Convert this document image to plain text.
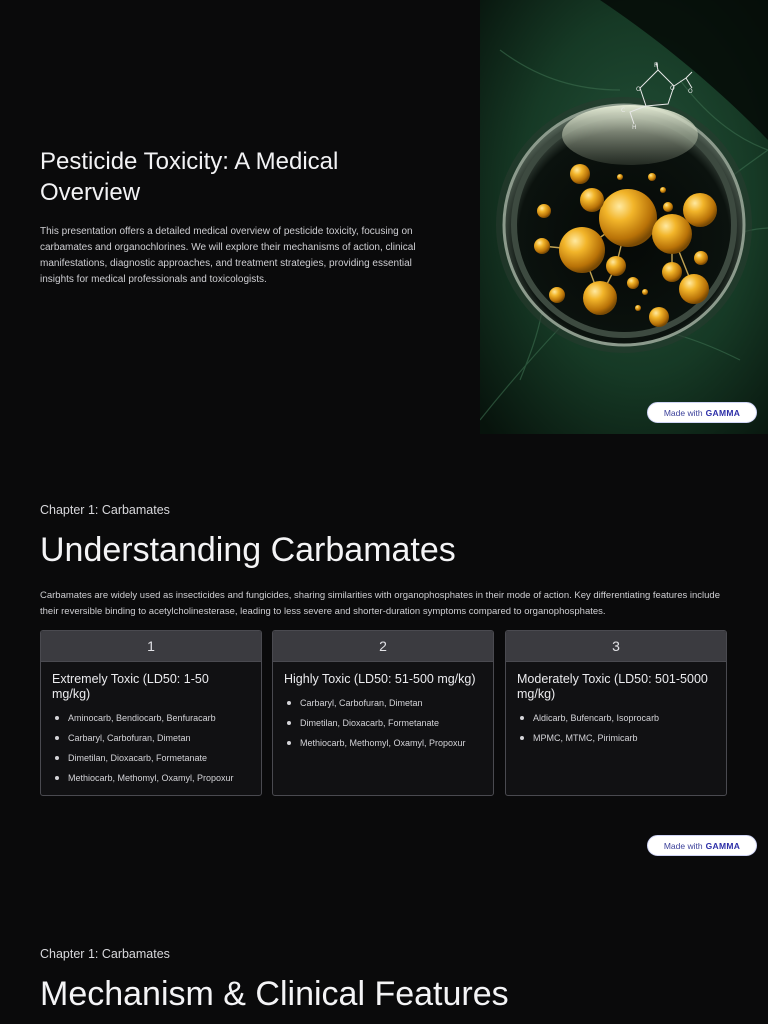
Pesticide Toxicity: A Medical Overview

This presentation offers a detailed medical overview of pesticide toxicity, focusing on carbamates and organochlorines. We will explore their mechanisms of action, clinical manifestations, diagnostic approaches, and treatment strategies, providing essential insights for medical professionals and toxicologists.

H
O	O O
C
H
Made with GAMMA
Chapter 1: Carbamates
Understanding Carbamates

Carbamates are widely used as insecticides and fungicides, sharing similarities with organophosphates in their mode of action. Key differentiating features include their reversible binding to acetylcholinesterase, leading to less severe and shorter-duration symptoms compared to organophosphates.

1
Extremely Toxic (LD50: 1-50 mg/kg)
Aminocarb, Bendiocarb, Benfuracarb
Carbaryl, Carbofuran, Dimetan
Dimetilan, Dioxacarb, Formetanate
Methiocarb, Methomyl, Oxamyl, Propoxur
2
Highly Toxic (LD50: 51-500 mg/kg)
Carbaryl, Carbofuran, Dimetan
Dimetilan, Dioxacarb, Formetanate
Methiocarb, Methomyl, Oxamyl, Propoxur
3
Moderately Toxic (LD50: 501-5000 mg/kg)
Aldicarb, Bufencarb, Isoprocarb
MPMC, MTMC, Pirimicarb
Made with GAMMA
Chapter 1: Carbamates
Mechanism & Clinical Features
